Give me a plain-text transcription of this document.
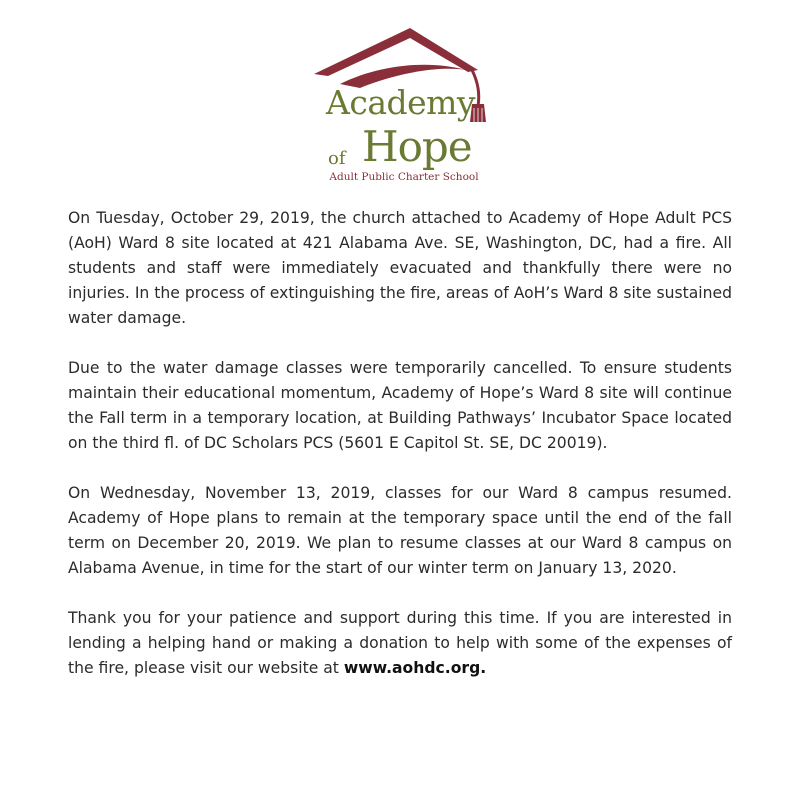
Academy
of Hope
Adult Public Charter School

On Tuesday, October 29, 2019, the church attached to Academy of Hope Adult PCS (AoH) Ward 8 site located at 421 Alabama Ave. SE, Washington, DC, had a fire. All students and staff were immediately evacuated and thankfully there were no injuries. In the process of extinguishing the fire, areas of AoH’s Ward 8 site sustained water damage.

Due to the water damage classes were temporarily cancelled. To ensure students maintain their educational momentum, Academy of Hope’s Ward 8 site will continue the Fall term in a temporary location, at Building Pathways’ Incubator Space located on the third fl. of DC Scholars PCS (5601 E Capitol St. SE, DC 20019).

On Wednesday, November 13, 2019, classes for our Ward 8 campus resumed. Academy of Hope plans to remain at the temporary space until the end of the fall term on December 20, 2019. We plan to resume classes at our Ward 8 campus on Alabama Avenue, in time for the start of our winter term on January 13, 2020.

Thank you for your patience and support during this time. If you are interested in lending a helping hand or making a donation to help with some of the expenses of the fire, please visit our website at www.aohdc.org.
